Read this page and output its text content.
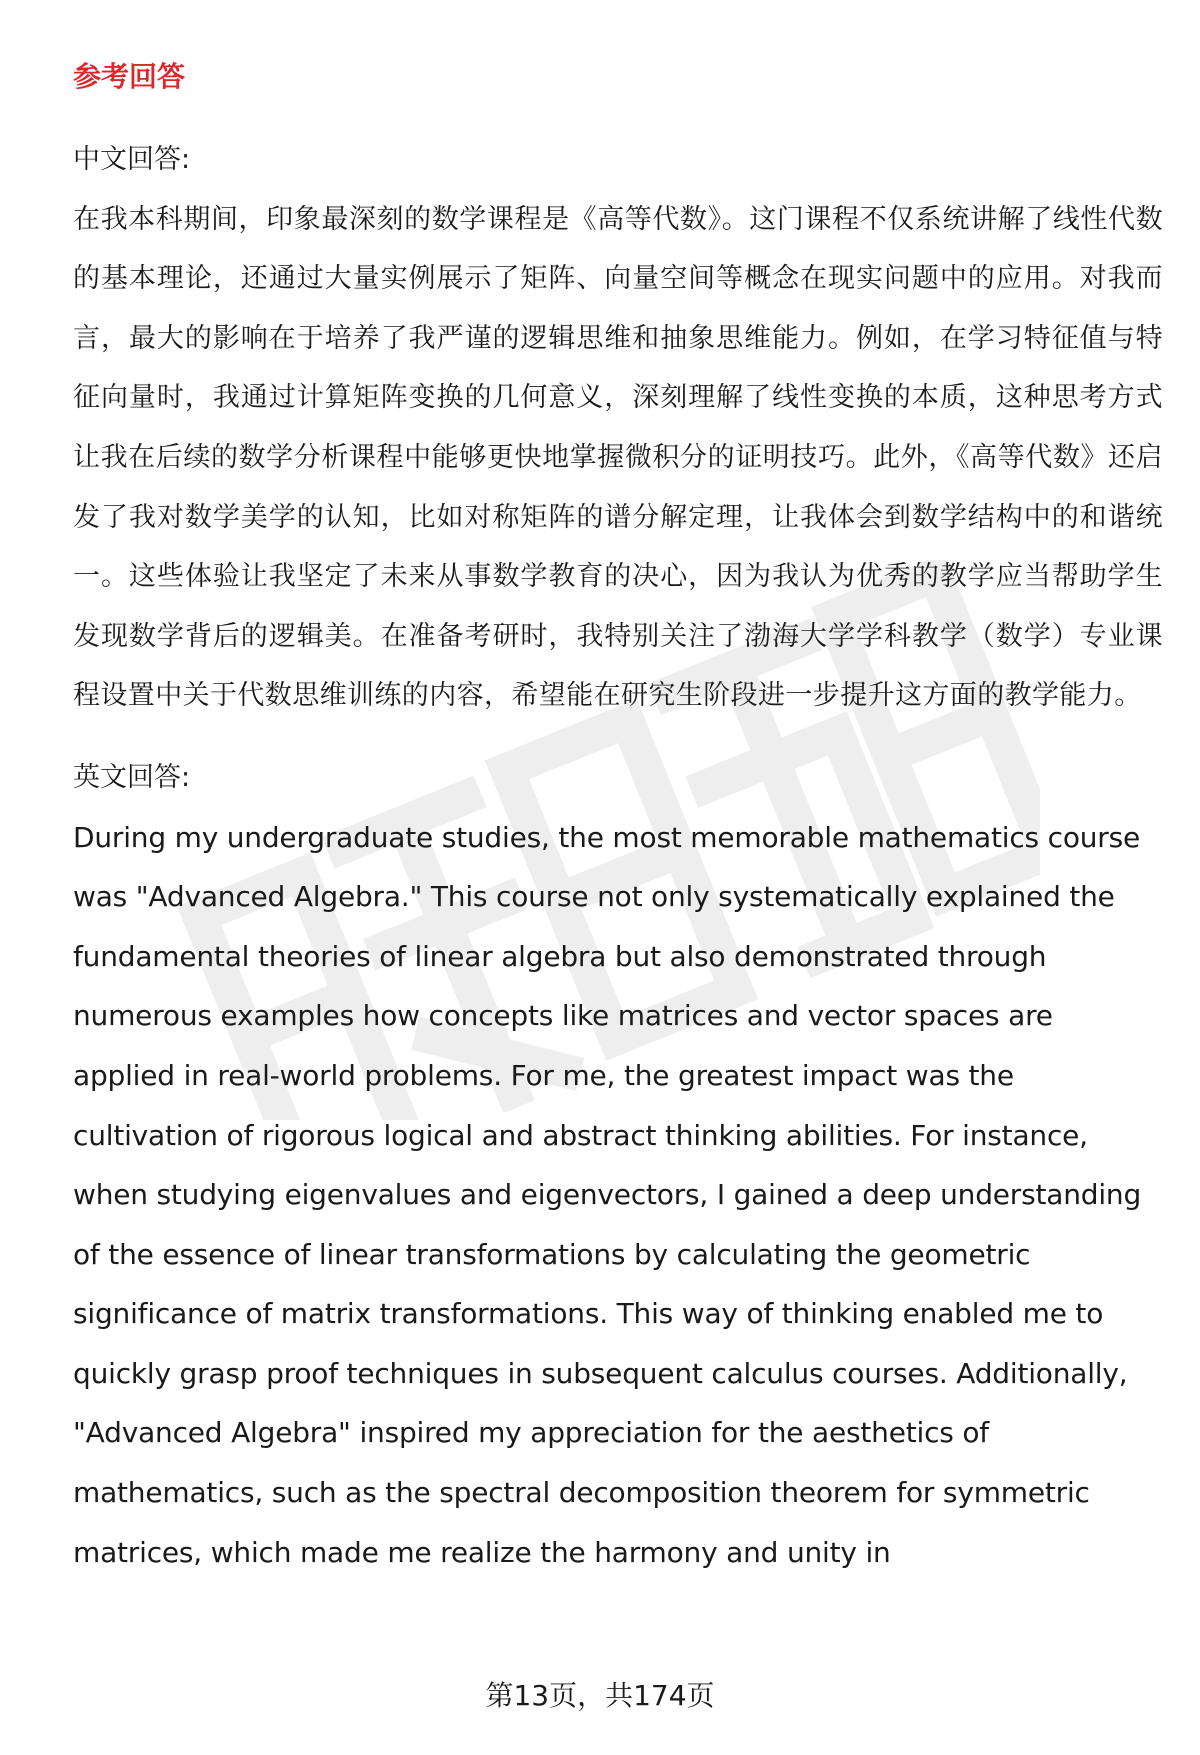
参考回答
中文回答:

在我本科期间，印象最深刻的数学课程是《高等代数》。这门课程不仅系统讲解了线性代数的基本理论，还通过大量实例展示了矩阵、向量空间等概念在现实问题中的应用。对我而言，最大的影响在于培养了我严谨的逻辑思维和抽象思维能力。例如，在学习特征值与特征向量时，我通过计算矩阵变换的几何意义，深刻理解了线性变换的本质，这种思考方式让我在后续的数学分析课程中能够更快地掌握微积分的证明技巧。此外，《高等代数》还启发了我对数学美学的认知，比如对称矩阵的谱分解定理，让我体会到数学结构中的和谐统一。这些体验让我坚定了未来从事数学教育的决心，因为我认为优秀的教学应当帮助学生发现数学背后的逻辑美。在准备考研时，我特别关注了渤海大学学科教学（数学）专业课程设置中关于代数思维训练的内容，希望能在研究生阶段进一步提升这方面的教学能力。

英文回答:

During my undergraduate studies, the most memorable mathematics course was "Advanced Algebra." This course not only systematically explained the fundamental theories of linear algebra but also demonstrated through numerous examples how concepts like matrices and vector spaces are applied in real-world problems. For me, the greatest impact was the cultivation of rigorous logical and abstract thinking abilities. For instance, when studying eigenvalues and eigenvectors, I gained a deep understanding of the essence of linear transformations by calculating the geometric significance of matrix transformations. This way of thinking enabled me to quickly grasp proof techniques in subsequent calculus courses. Additionally, "Advanced Algebra" inspired my appreciation for the aesthetics of mathematics, such as the spectral decomposition theorem for symmetric matrices, which made me realize the harmony and unity in

第13页，共174页
